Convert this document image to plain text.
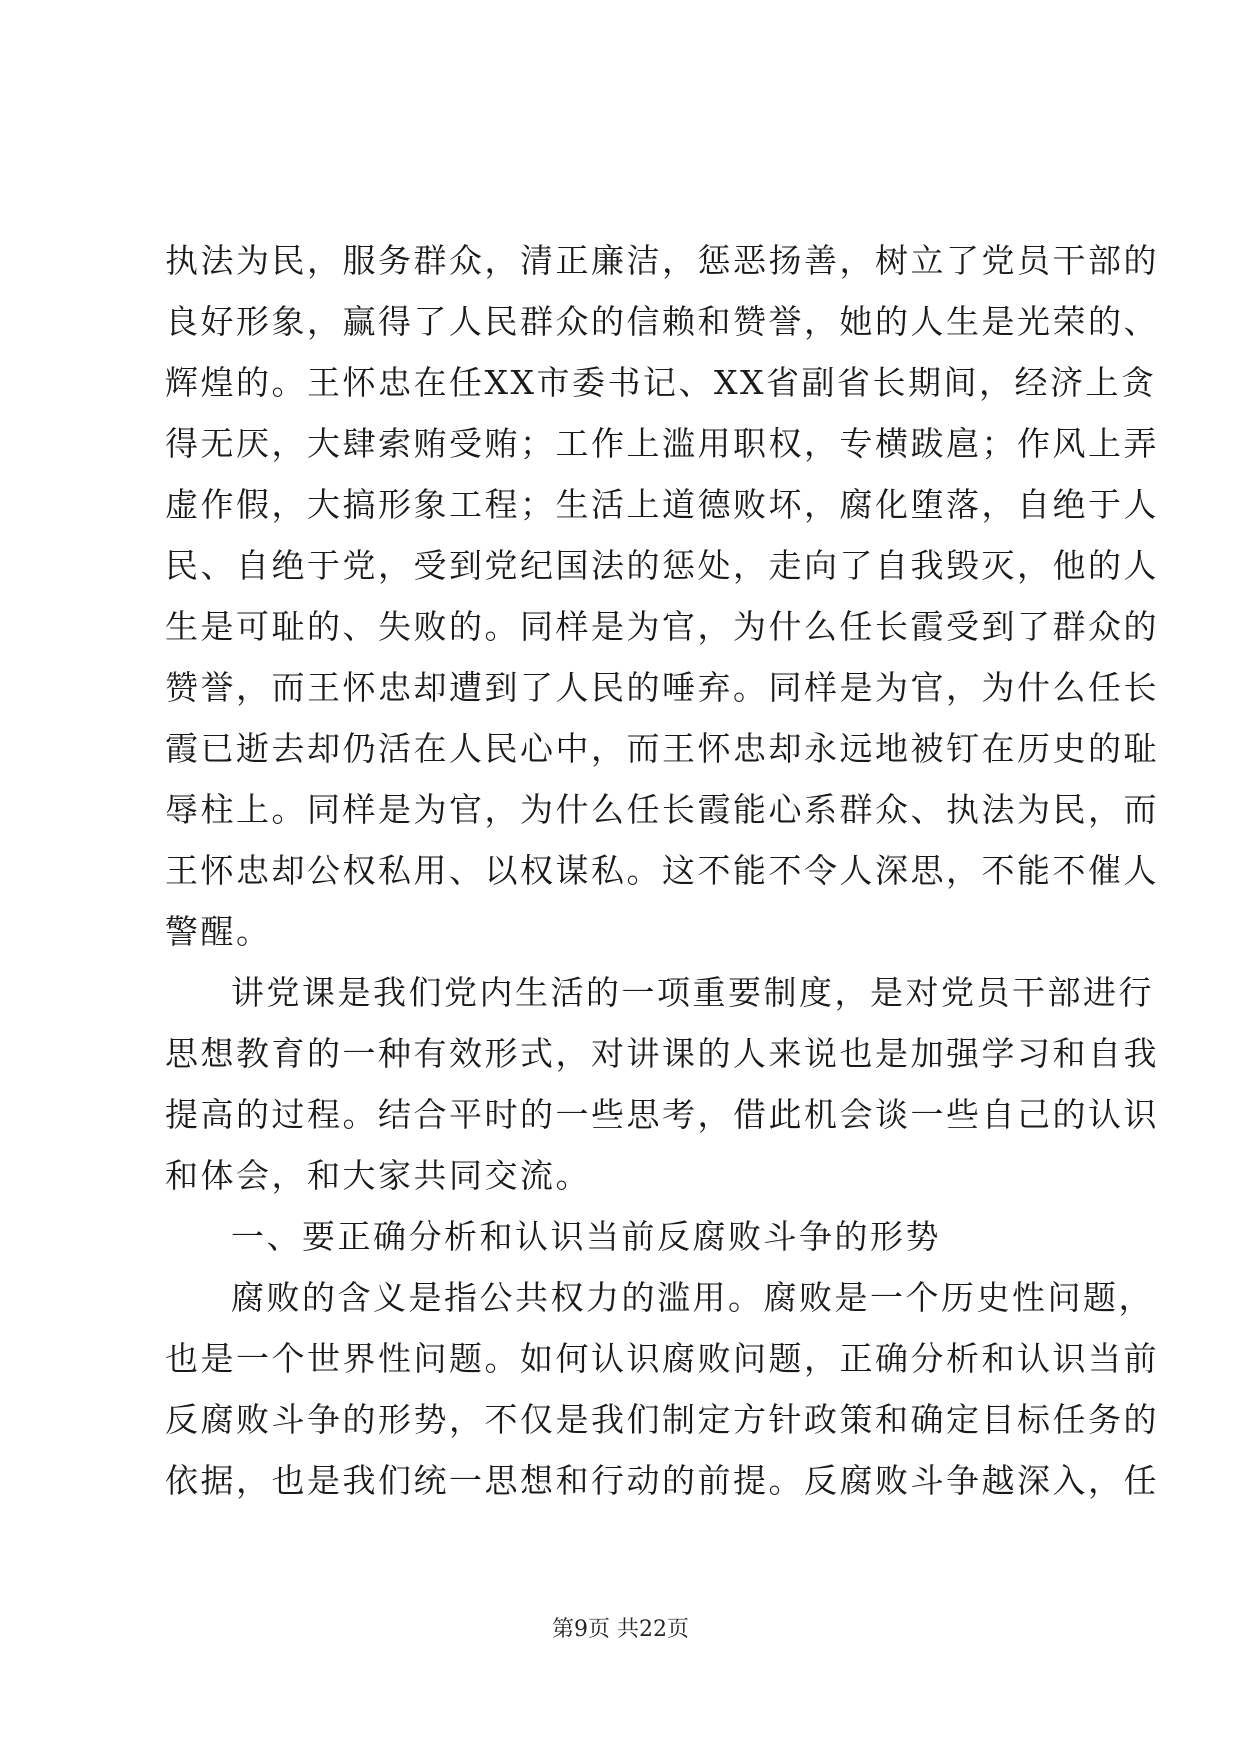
执法为民，服务群众，清正廉洁，惩恶扬善，树立了党员干部的
良好形象，赢得了人民群众的信赖和赞誉，她的人生是光荣的、
辉煌的。王怀忠在任XX市委书记、XX省副省长期间，经济上贪
得无厌，大肆索贿受贿；工作上滥用职权，专横跋扈；作风上弄
虚作假，大搞形象工程；生活上道德败坏，腐化堕落，自绝于人
民、自绝于党，受到党纪国法的惩处，走向了自我毁灭，他的人
生是可耻的、失败的。同样是为官，为什么任长霞受到了群众的
赞誉，而王怀忠却遭到了人民的唾弃。同样是为官，为什么任长
霞已逝去却仍活在人民心中，而王怀忠却永远地被钉在历史的耻
辱柱上。同样是为官，为什么任长霞能心系群众、执法为民，而
王怀忠却公权私用、以权谋私。这不能不令人深思，不能不催人
警醒。
讲党课是我们党内生活的一项重要制度，是对党员干部进行
思想教育的一种有效形式，对讲课的人来说也是加强学习和自我
提高的过程。结合平时的一些思考，借此机会谈一些自己的认识
和体会，和大家共同交流。
一、要正确分析和认识当前反腐败斗争的形势
腐败的含义是指公共权力的滥用。腐败是一个历史性问题，
也是一个世界性问题。如何认识腐败问题，正确分析和认识当前
反腐败斗争的形势，不仅是我们制定方针政策和确定目标任务的
依据，也是我们统一思想和行动的前提。反腐败斗争越深入，任
第9页 共22页
